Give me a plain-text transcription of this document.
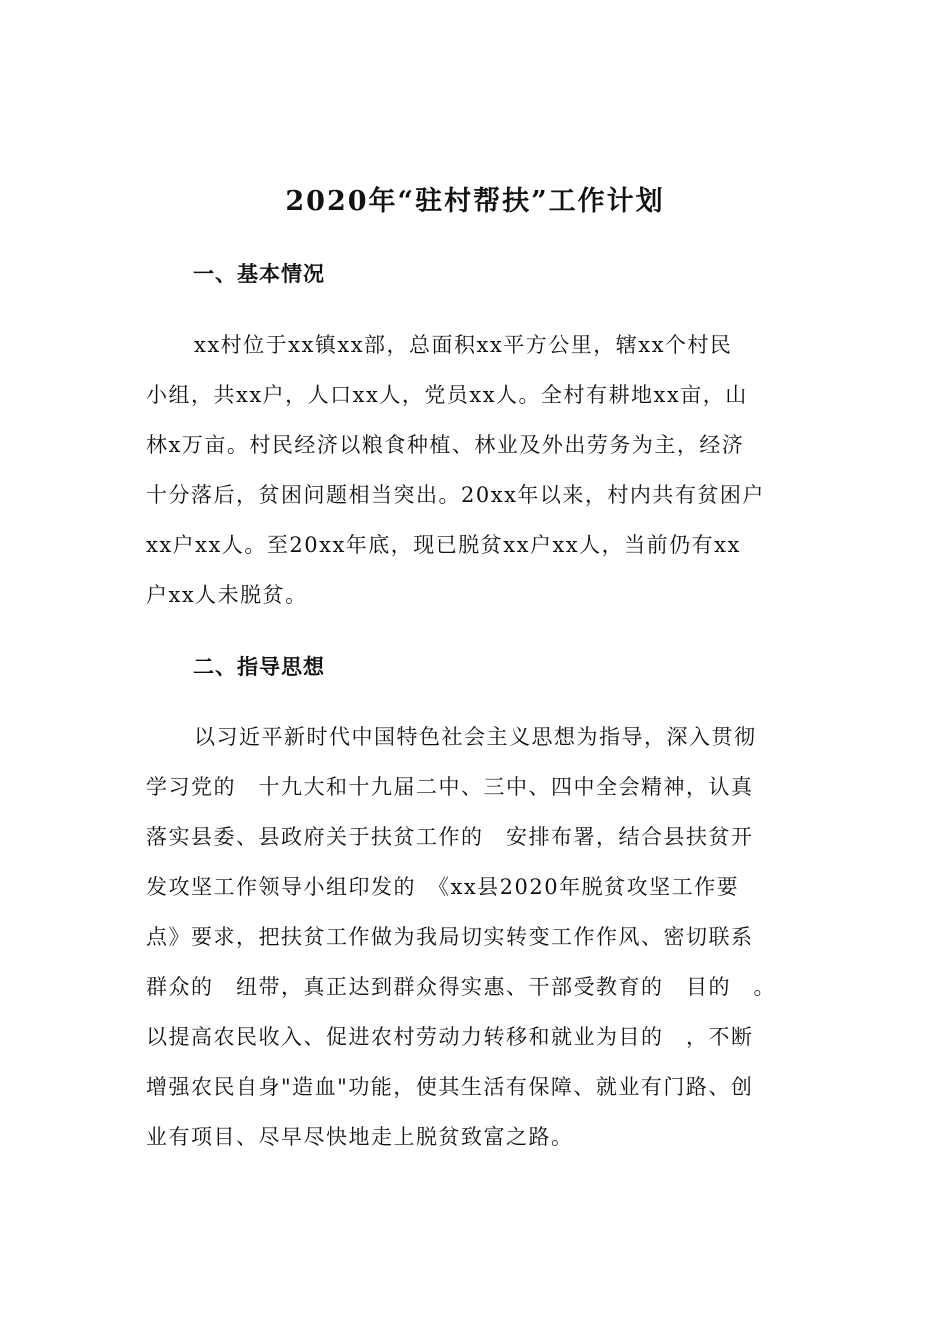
2020年“驻村帮扶”工作计划
一、基本情况
xx村位于xx镇xx部，总面积xx平方公里，辖xx个村民
小组，共xx户，人口xx人，党员xx人。全村有耕地xx亩，山
林x万亩。村民经济以粮食种植、林业及外出劳务为主，经济
十分落后，贫困问题相当突出。20xx年以来，村内共有贫困户
xx户xx人。至20xx年底，现已脱贫xx户xx人，当前仍有xx
户xx人未脱贫。
二、指导思想
以习近平新时代中国特色社会主义思想为指导，深入贯彻
学习党的　十九大和十九届二中、三中、四中全会精神，认真
落实县委、县政府关于扶贫工作的　安排布署，结合县扶贫开
发攻坚工作领导小组印发的　《xx县2020年脱贫攻坚工作要
点》要求，把扶贫工作做为我局切实转变工作作风、密切联系
群众的　纽带，真正达到群众得实惠、干部受教育的　目的　。
以提高农民收入、促进农村劳动力转移和就业为目的　，不断
增强农民自身"造血"功能，使其生活有保障、就业有门路、创
业有项目、尽早尽快地走上脱贫致富之路。
